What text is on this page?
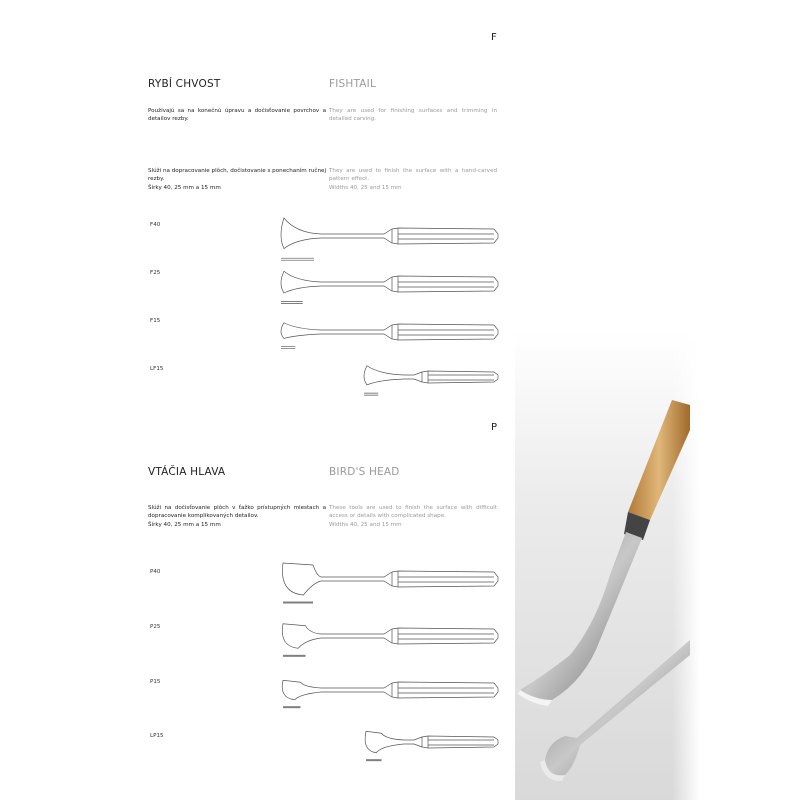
F
RYBÍ CHVOST	FISHTAIL
Používajú sa na konečnú úpravu a dočisťovanie povrchov a detailov rezby.
They are used for finishing surfaces and trimming in detailed carving.
Slúži na dopracovanie plôch, dočistovanie s ponechaním ručnej rezby.
Šírky 40, 25 mm a 15 mm
They are used to finish the surface with a hand-carved pattern effect.
Widths 40, 25 and 15 mm
F40
F25
F15
LF15
P
VTÁČIA HLAVA	BIRD'S HEAD
Slúži na dočisťovanie plôch v ťažko prístupných miestach a dopracovanie komplikovaných detailov.
Šírky 40, 25 mm a 15 mm
These tools are used to finish the surface with difficult access or details with complicated shape.
Widths 40, 25 and 15 mm
P40
P25
P15
LP15
